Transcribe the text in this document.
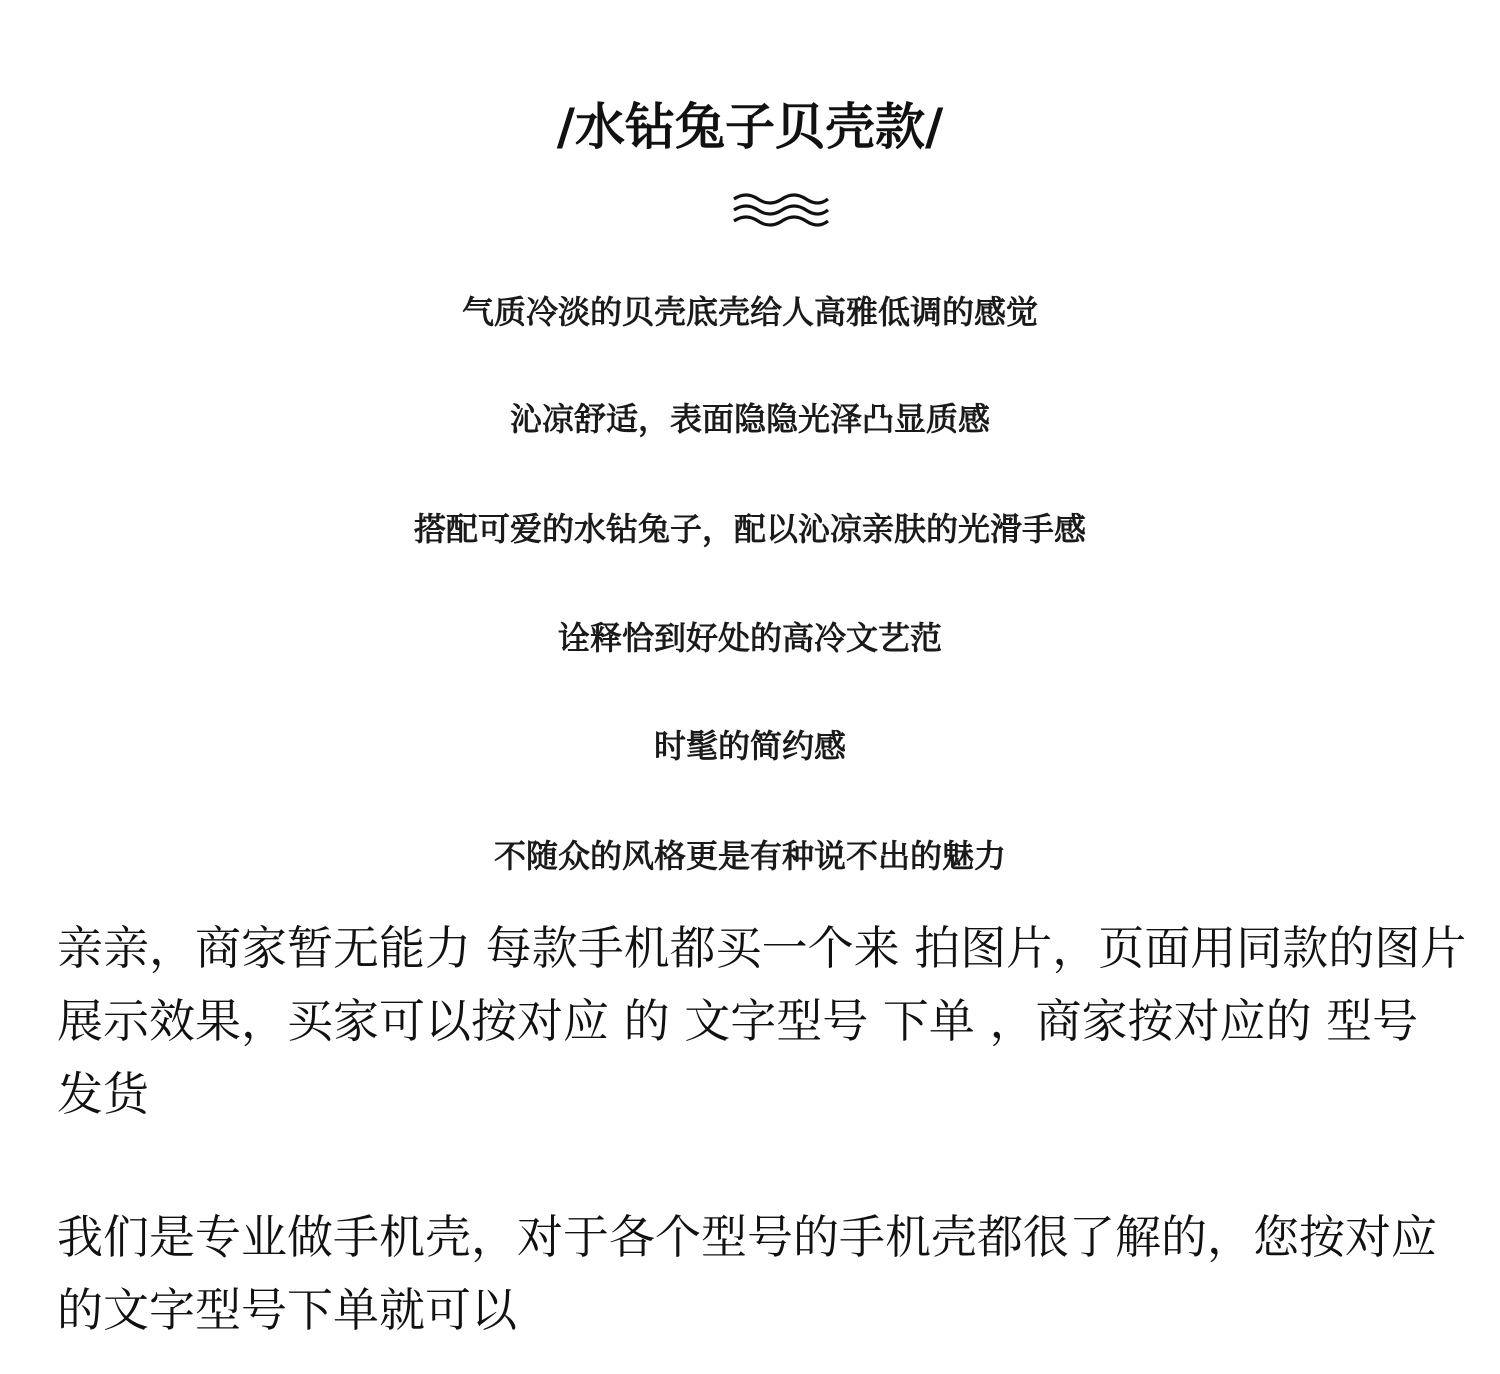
/水钻兔子贝壳款/
气质冷淡的贝壳底壳给人高雅低调的感觉
沁凉舒适，表面隐隐光泽凸显质感
搭配可爱的水钻兔子，配以沁凉亲肤的光滑手感
诠释恰到好处的高冷文艺范
时髦的简约感
不随众的风格更是有种说不出的魅力
亲亲，商家暂无能力 每款手机都买一个来 拍图片，页面用同款的图片展示效果，买家可以按对应 的 文字型号 下单 ，商家按对应的 型号 发货
我们是专业做手机壳，对于各个型号的手机壳都很了解的，您按对应的文字型号下单就可以
